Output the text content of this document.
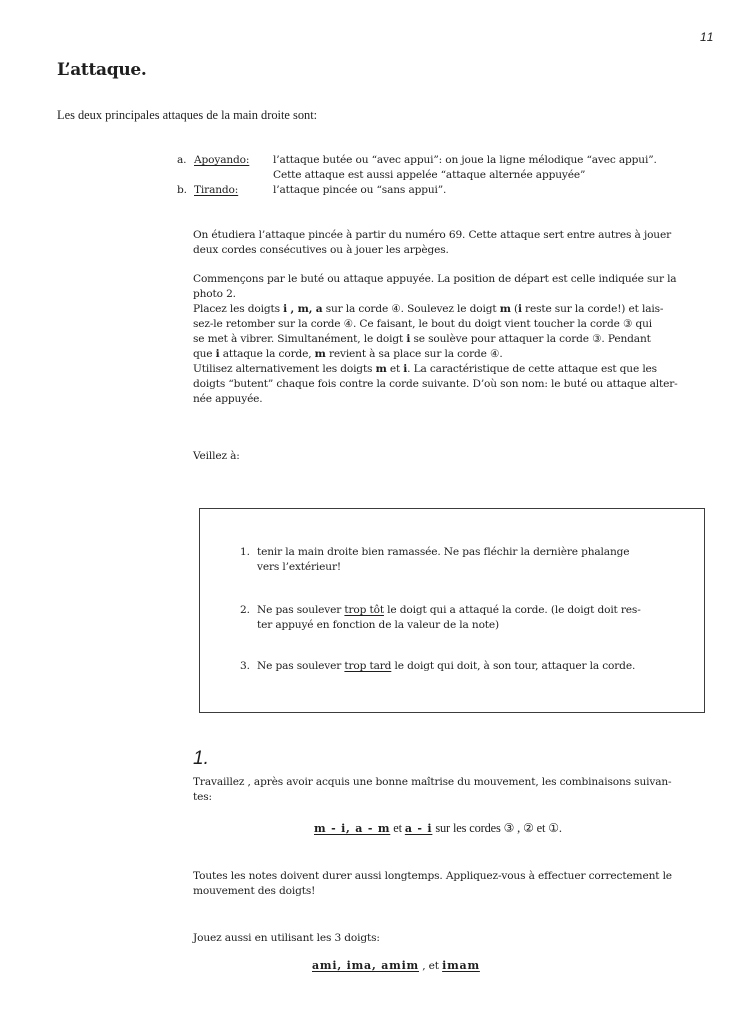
11
L’attaque.
Les deux principales attaques de la main droite sont:
a. Apoyando: l’attaque butée ou “avec appui”: on joue la ligne mélodique “avec appui”.
Cette attaque est aussi appelée “attaque alternée appuyée”
b. Tirando:	l’attaque pincée ou “sans appui”.
On étudiera l’attaque pincée à partir du numéro 69. Cette attaque sert entre autres à jouer
deux cordes consécutives ou à jouer les arpèges.
Commençons par le buté ou attaque appuyée. La position de départ est celle indiquée sur la
photo 2.
Placez les doigts i , m, a sur la corde ④. Soulevez le doigt m (i reste sur la corde!) et lais-
sez-le retomber sur la corde ④. Ce faisant, le bout du doigt vient toucher la corde ③ qui
se met à vibrer. Simultanément, le doigt i se soulève pour attaquer la corde ③. Pendant
que i attaque la corde, m revient à sa place sur la corde ④.
Utilisez alternativement les doigts m et i. La caractéristique de cette attaque est que les
doigts “butent” chaque fois contre la corde suivante. D’où son nom: le buté ou attaque alter-
née appuyée.
Veillez à:
1. tenir la main droite bien ramassée. Ne pas fléchir la dernière phalange
vers l’extérieur!
2. Ne pas soulever trop tôt le doigt qui a attaqué la corde. (le doigt doit res-
ter appuyé en fonction de la valeur de la note)
3. Ne pas soulever trop tard le doigt qui doit, à son tour, attaquer la corde.
1.
Travaillez , après avoir acquis une bonne maîtrise du mouvement, les combinaisons suivan-
tes:
m - i, a - m et a - i sur les cordes ③ , ② et ①.
Toutes les notes doivent durer aussi longtemps. Appliquez-vous à effectuer correctement le
mouvement des doigts!
Jouez aussi en utilisant les 3 doigts:
ami, ima, amim , et imam
